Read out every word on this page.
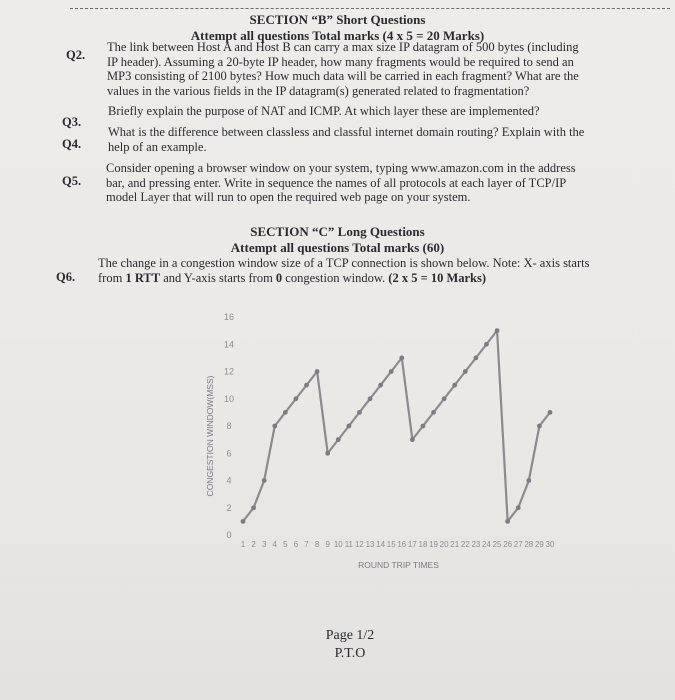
SECTION “B” Short Questions
Attempt all questions Total marks (4 x 5 = 20 Marks)
Q2.
The link between Host A and Host B can carry a max size IP datagram of 500 bytes (including
IP header). Assuming a 20-byte IP header, how many fragments would be required to send an
MP3 consisting of 2100 bytes? How much data will be carried in each fragment? What are the
values in the various fields in the IP datagram(s) generated related to fragmentation?
Q3.
Briefly explain the purpose of NAT and ICMP. At which layer these are implemented?
Q4.
What is the difference between classless and classful internet domain routing? Explain with the
help of an example.
Q5.
Consider opening a browser window on your system, typing www.amazon.com in the address
bar, and pressing enter. Write in sequence the names of all protocols at each layer of TCP/IP
model Layer that will run to open the required web page on your system.
SECTION “C” Long Questions
Attempt all questions Total marks (60)
Q6.
The change in a congestion window size of a TCP connection is shown below. Note: X- axis starts
from 1 RTT and Y-axis starts from 0 congestion window. (2 x 5 = 10 Marks)
0
2
4
6
8
10
12
14
16
1 2 3 4 5 6 7 8 9 10 11 12 13 14 15 16 17 18 19 20 21 22 23 24 25 26 27 28 29 30
CONGESTION WINDOW(MSS)
ROUND TRIP TIMES
Page 1/2
P.T.O
